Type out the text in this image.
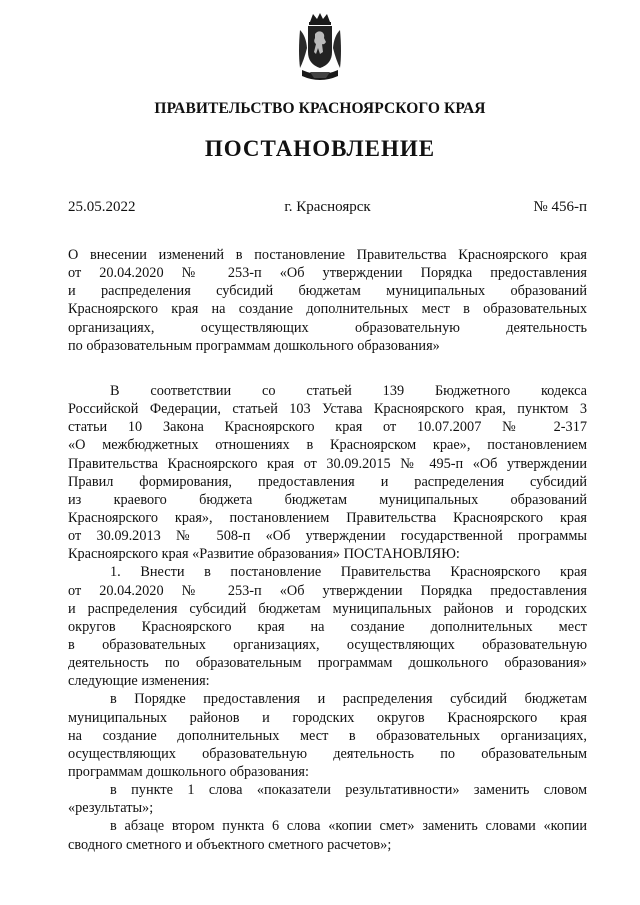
ПРАВИТЕЛЬСТВО КРАСНОЯРСКОГО КРАЯ
ПОСТАНОВЛЕНИЕ
г. Красноярск
25.05.2022	№ 456-п
О внесении изменений в постановление Правительства Красноярского края
от 20.04.2020 № 253-п «Об утверждении Порядка предоставления
и распределения субсидий бюджетам муниципальных образований
Красноярского края на создание дополнительных мест в образовательных
организациях, осуществляющих образовательную деятельность
по образовательным программам дошкольного образования»
В соответствии со статьей 139 Бюджетного кодекса
Российской Федерации, статьей 103 Устава Красноярского края, пунктом 3
статьи 10 Закона Красноярского края от 10.07.2007 № 2-317
«О межбюджетных отношениях в Красноярском крае», постановлением
Правительства Красноярского края от 30.09.2015 № 495-п «Об утверждении
Правил формирования, предоставления и распределения субсидий
из краевого бюджета бюджетам муниципальных образований
Красноярского края», постановлением Правительства Красноярского края
от 30.09.2013 № 508-п «Об утверждении государственной программы
Красноярского края «Развитие образования» ПОСТАНОВЛЯЮ:
1. Внести в постановление Правительства Красноярского края
от 20.04.2020 № 253-п «Об утверждении Порядка предоставления
и распределения субсидий бюджетам муниципальных районов и городских
округов Красноярского края на создание дополнительных мест
в образовательных организациях, осуществляющих образовательную
деятельность по образовательным программам дошкольного образования»
следующие изменения:
в Порядке предоставления и распределения субсидий бюджетам
муниципальных районов и городских округов Красноярского края
на создание дополнительных мест в образовательных организациях,
осуществляющих образовательную деятельность по образовательным
программам дошкольного образования:
в пункте 1 слова «показатели результативности» заменить словом
«результаты»;
в абзаце втором пункта 6 слова «копии смет» заменить словами «копии
сводного сметного и объектного сметного расчетов»;
